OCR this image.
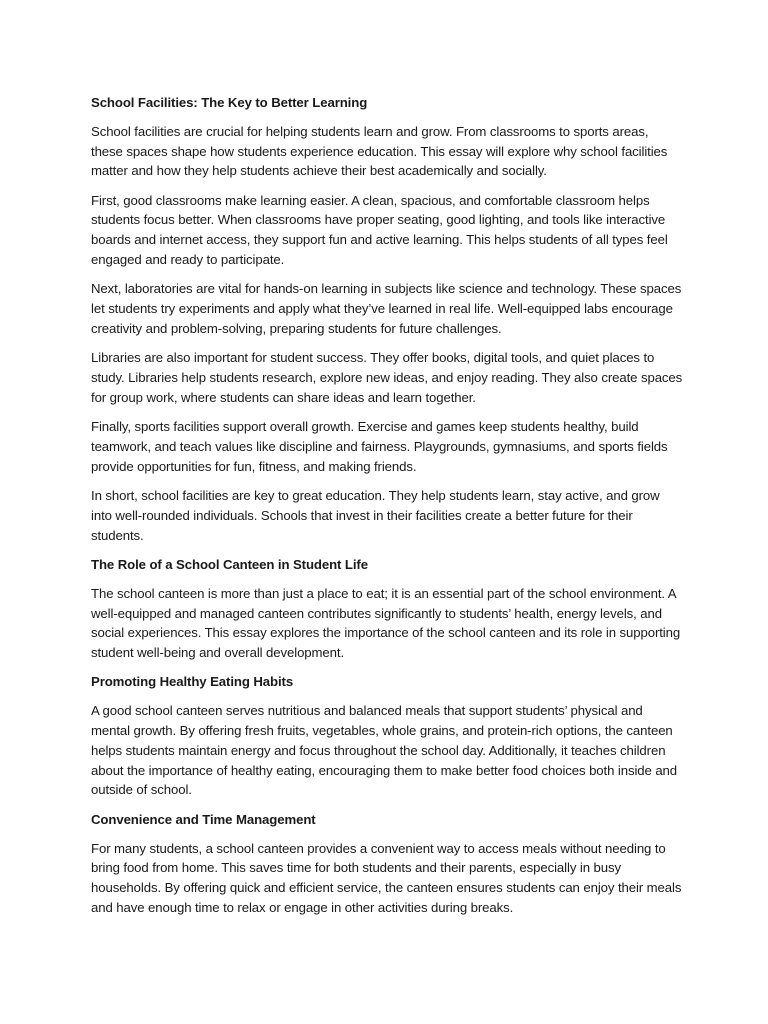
School Facilities: The Key to Better Learning
School facilities are crucial for helping students learn and grow. From classrooms to sports areas, these spaces shape how students experience education. This essay will explore why school facilities matter and how they help students achieve their best academically and socially.
First, good classrooms make learning easier. A clean, spacious, and comfortable classroom helps students focus better. When classrooms have proper seating, good lighting, and tools like interactive boards and internet access, they support fun and active learning. This helps students of all types feel engaged and ready to participate.
Next, laboratories are vital for hands-on learning in subjects like science and technology. These spaces let students try experiments and apply what they’ve learned in real life. Well-equipped labs encourage creativity and problem-solving, preparing students for future challenges.
Libraries are also important for student success. They offer books, digital tools, and quiet places to study. Libraries help students research, explore new ideas, and enjoy reading. They also create spaces for group work, where students can share ideas and learn together.
Finally, sports facilities support overall growth. Exercise and games keep students healthy, build teamwork, and teach values like discipline and fairness. Playgrounds, gymnasiums, and sports fields provide opportunities for fun, fitness, and making friends.
In short, school facilities are key to great education. They help students learn, stay active, and grow into well-rounded individuals. Schools that invest in their facilities create a better future for their students.
The Role of a School Canteen in Student Life
The school canteen is more than just a place to eat; it is an essential part of the school environment. A well-equipped and managed canteen contributes significantly to students’ health, energy levels, and social experiences. This essay explores the importance of the school canteen and its role in supporting student well-being and overall development.
Promoting Healthy Eating Habits
A good school canteen serves nutritious and balanced meals that support students’ physical and mental growth. By offering fresh fruits, vegetables, whole grains, and protein-rich options, the canteen helps students maintain energy and focus throughout the school day. Additionally, it teaches children about the importance of healthy eating, encouraging them to make better food choices both inside and outside of school.
Convenience and Time Management
For many students, a school canteen provides a convenient way to access meals without needing to bring food from home. This saves time for both students and their parents, especially in busy households. By offering quick and efficient service, the canteen ensures students can enjoy their meals and have enough time to relax or engage in other activities during breaks.
